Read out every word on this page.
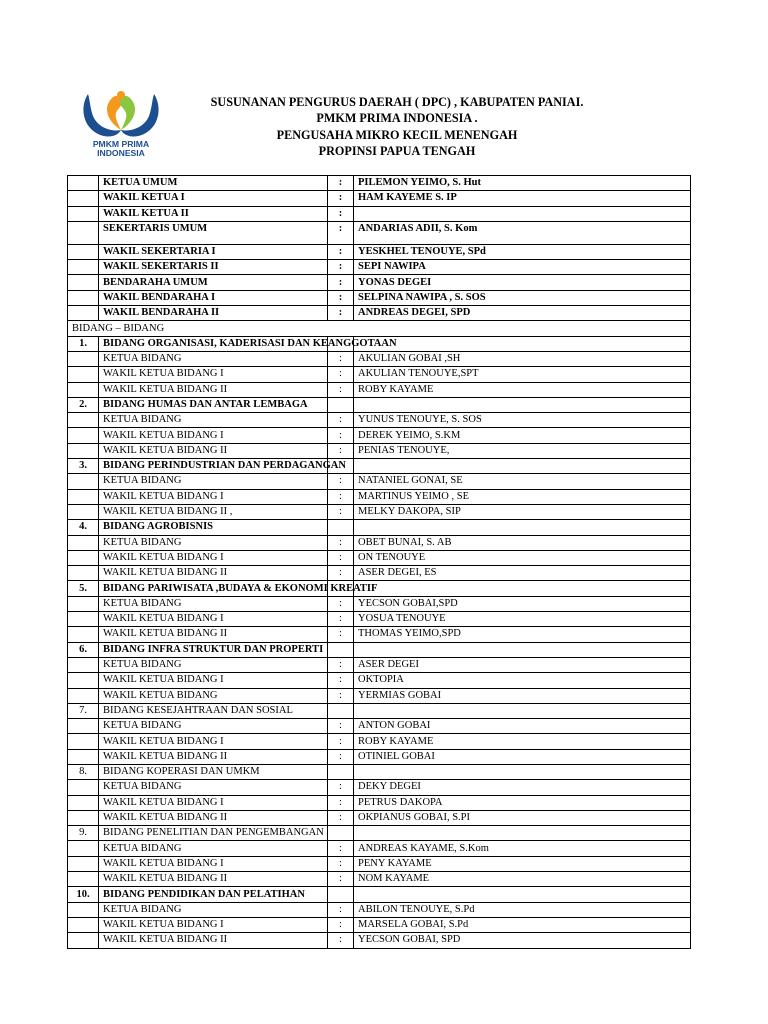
PMKM PRIMA
INDONESIA
SUSUNANAN PENGURUS DAERAH ( DPC) , KABUPATEN PANIAI.
PMKM PRIMA INDONESIA .
PENGUSAHA MIKRO KECIL MENENGAH
PROPINSI PAPUA TENGAH
	KETUA UMUM	:	PILEMON YEIMO, S. Hut
	WAKIL KETUA I	:	HAM KAYEME S. IP
	WAKIL KETUA II	:	
	SEKERTARIS UMUM	:	ANDARIAS ADII, S. Kom
	WAKIL SEKERTARIA I	:	YESKHEL TENOUYE, SPd
	WAKIL SEKERTARIS II	:	SEPI NAWIPA
	BENDARAHA UMUM	:	YONAS DEGEI
	WAKIL BENDARAHA I	:	SELPINA NAWIPA , S. SOS
	WAKIL BENDARAHA II	:	ANDREAS DEGEI, SPD
BIDANG – BIDANG			
1.	BIDANG ORGANISASI, KADERISASI DAN KEANGGOTAAN		
	KETUA BIDANG	:	AKULIAN GOBAI ,SH
	WAKIL KETUA BIDANG I	:	AKULIAN TENOUYE,SPT
	WAKIL KETUA BIDANG II	:	ROBY KAYAME
2.	BIDANG HUMAS DAN ANTAR LEMBAGA		
	KETUA BIDANG	:	YUNUS TENOUYE, S. SOS
	WAKIL KETUA BIDANG I	:	DEREK YEIMO, S.KM
	WAKIL KETUA BIDANG II	:	PENIAS TENOUYE,
3.	BIDANG PERINDUSTRIAN DAN PERDAGANGAN		
	KETUA BIDANG	:	NATANIEL GONAI, SE
	WAKIL KETUA BIDANG I	:	MARTINUS YEIMO , SE
	WAKIL KETUA BIDANG II ,	:	MELKY DAKOPA, SIP
4.	BIDANG AGROBISNIS		
	KETUA BIDANG	:	OBET BUNAI, S. AB
	WAKIL KETUA BIDANG I	:	ON TENOUYE
	WAKIL KETUA BIDANG II	:	ASER DEGEI, ES
5.	BIDANG PARIWISATA ,BUDAYA & EKONOMI KREATIF		
	KETUA BIDANG	:	YECSON GOBAI,SPD
	WAKIL KETUA BIDANG I	:	YOSUA TENOUYE
	WAKIL KETUA BIDANG II	:	THOMAS YEIMO,SPD
6.	BIDANG INFRA STRUKTUR DAN PROPERTI		
	KETUA BIDANG	:	ASER DEGEI
	WAKIL KETUA BIDANG I	:	OKTOPIA
	WAKIL KETUA BIDANG	:	YERMIAS GOBAI
7.	BIDANG KESEJAHTRAAN DAN SOSIAL		
	KETUA BIDANG	:	ANTON GOBAI
	WAKIL KETUA BIDANG I	:	ROBY KAYAME
	WAKIL KETUA BIDANG II	:	OTINIEL GOBAI
8.	BIDANG KOPERASI DAN UMKM		
	KETUA BIDANG	:	DEKY DEGEI
	WAKIL KETUA BIDANG I	:	PETRUS DAKOPA
	WAKIL KETUA BIDANG II	:	OKPIANUS GOBAI, S.PI
9.	BIDANG PENELITIAN DAN PENGEMBANGAN		
	KETUA BIDANG	:	ANDREAS KAYAME, S.Kom
	WAKIL KETUA BIDANG I	:	PENY KAYAME
	WAKIL KETUA BIDANG II	:	NOM KAYAME
10.	BIDANG PENDIDIKAN DAN PELATIHAN		
	KETUA BIDANG	:	ABILON TENOUYE, S.Pd
	WAKIL KETUA BIDANG I	:	MARSELA GOBAI, S.Pd
	WAKIL KETUA BIDANG II	:	YECSON GOBAI, SPD
